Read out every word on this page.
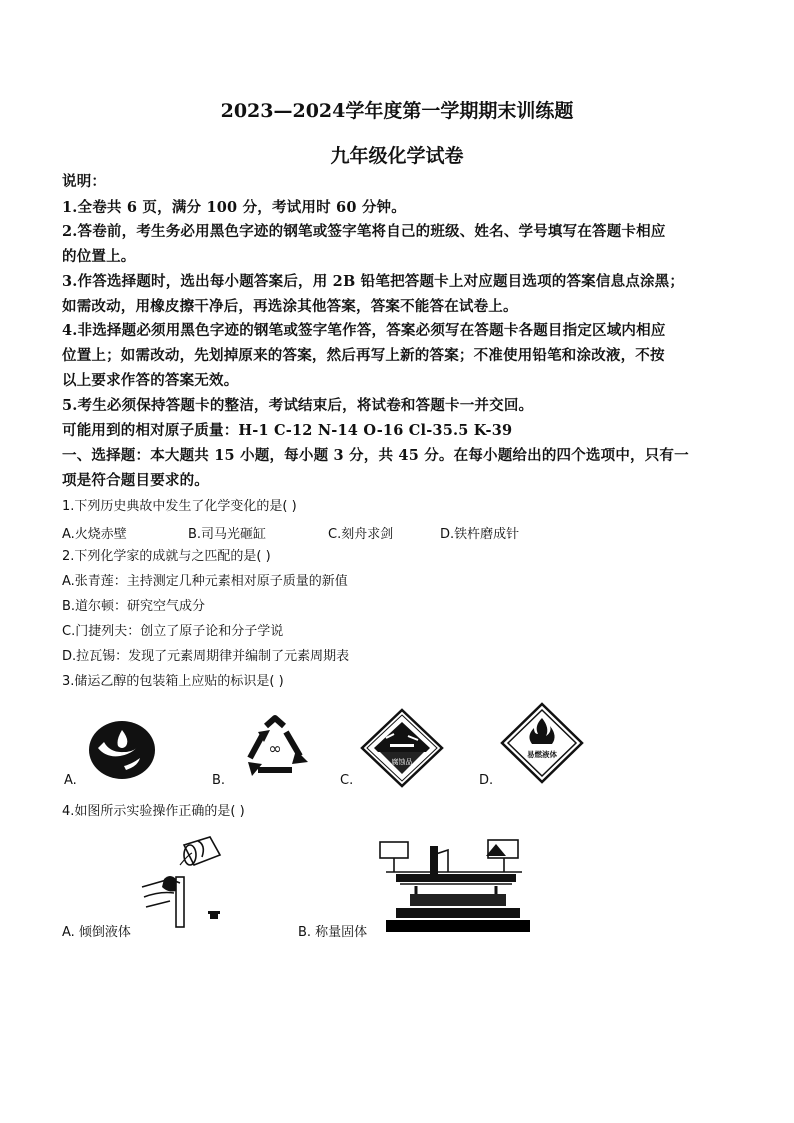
2023—2024学年度第一学期期末训练题
九年级化学试卷
说明：
1.全卷共 6 页，满分 100 分，考试用时 60 分钟。
2.答卷前，考生务必用黑色字迹的钢笔或签字笔将自己的班级、姓名、学号填写在答题卡相应
的位置上。
3.作答选择题时，选出每小题答案后，用 2B 铅笔把答题卡上对应题目选项的答案信息点涂黑；
如需改动，用橡皮擦干净后，再选涂其他答案，答案不能答在试卷上。
4.非选择题必须用黑色字迹的钢笔或签字笔作答，答案必须写在答题卡各题目指定区域内相应
位置上；如需改动，先划掉原来的答案，然后再写上新的答案；不准使用铅笔和涂改液，不按
以上要求作答的答案无效。
5.考生必须保持答题卡的整洁，考试结束后，将试卷和答题卡一并交回。
可能用到的相对原子质量：H-1 C-12 N-14 O-16 Cl-35.5 K-39
一、选择题：本大题共 15 小题，每小题 3 分，共 45 分。在每小题给出的四个选项中，只有一
项是符合题目要求的。
1.下列历史典故中发生了化学变化的是( )
A.火烧赤壁	B.司马光砸缸	C.刻舟求剑	D.铁杵磨成针
2.下列化学家的成就与之匹配的是( )
A.张青莲：主持测定几种元素相对原子质量的新值
B.道尔顿：研究空气成分
C.门捷列夫：创立了原子论和分子学说
D.拉瓦锡：发现了元素周期律并编制了元素周期表
3.储运乙醇的包装箱上应贴的标识是( )
A.
∞
B.
腐蚀品
C.
易燃液体
D.
4.如图所示实验操作正确的是( )
A. 倾倒液体	B. 称量固体
